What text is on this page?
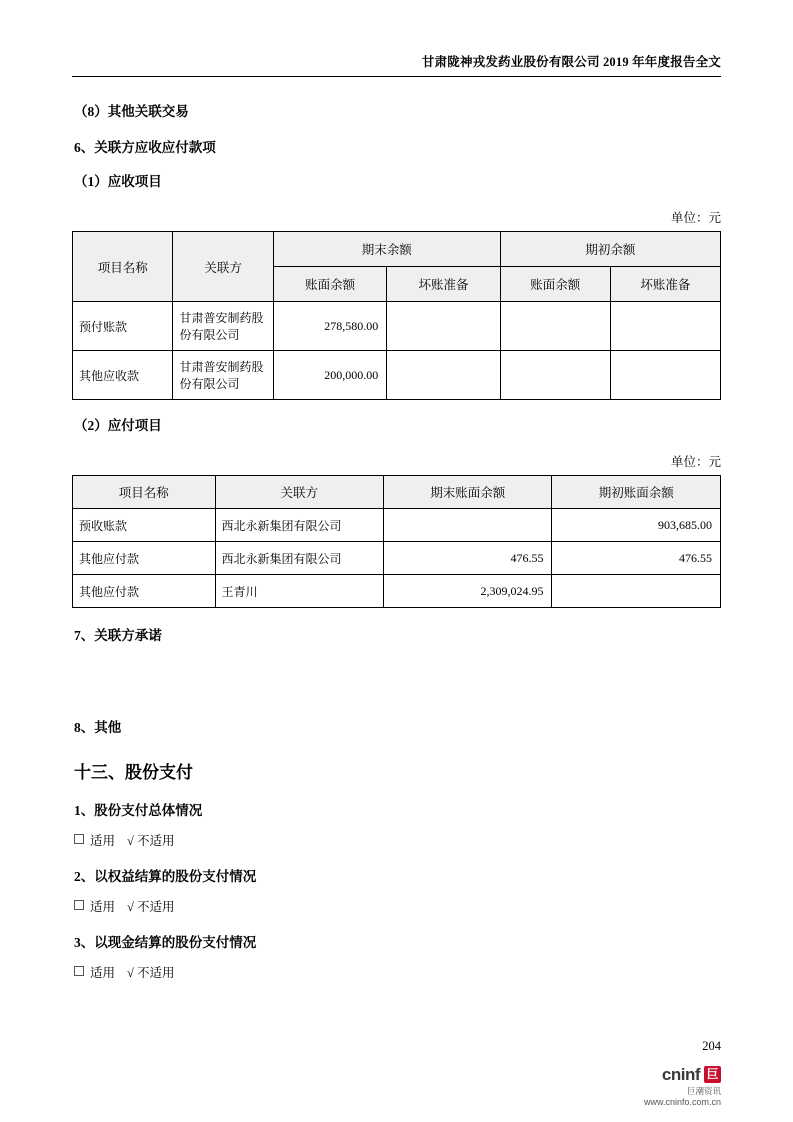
甘肃陇神戎发药业股份有限公司 2019 年年度报告全文
（8）其他关联交易
6、关联方应收应付款项
（1）应收项目
单位：元
项目名称	关联方	期末余额		期初余额	
		账面余额	坏账准备	账面余额	坏账准备
预付账款	甘肃普安制药股份有限公司	278,580.00			
其他应收款	甘肃普安制药股份有限公司	200,000.00			
（2）应付项目
单位：元
项目名称	关联方	期末账面余额	期初账面余额
预收账款	西北永新集团有限公司		903,685.00
其他应付款	西北永新集团有限公司	476.55	476.55
其他应付款	王青川	2,309,024.95	
7、关联方承诺
8、其他
十三、股份支付
1、股份支付总体情况
适用 √ 不适用
2、以权益结算的股份支付情况
适用 √ 不适用
3、以现金结算的股份支付情况
适用 √ 不适用
204
cninf 巨
巨潮资讯
www.cninfo.com.cn
